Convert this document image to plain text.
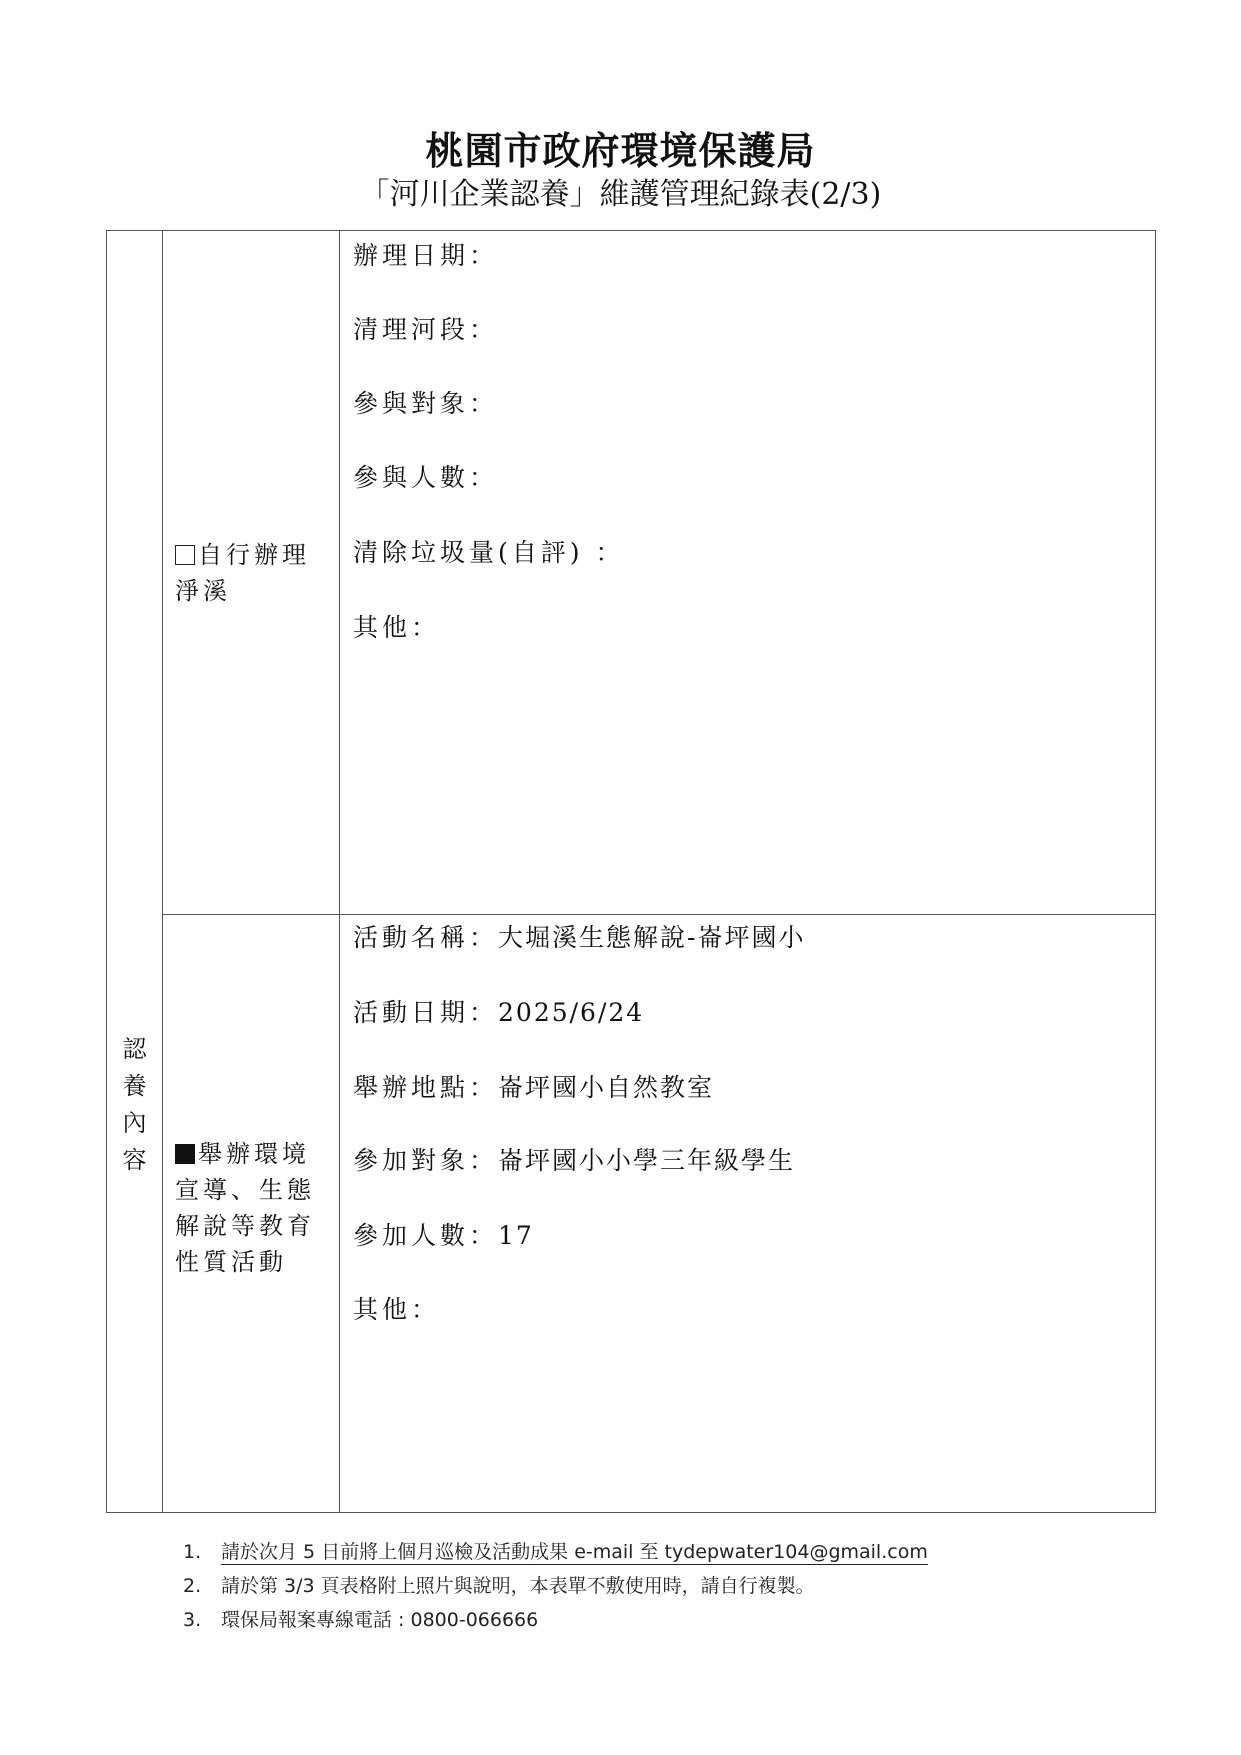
桃園市政府環境保護局
「河川企業認養」維護管理紀錄表(2/3)
認
養
內
容
自行辦理淨溪
舉辦環境宣導、生態解說等教育性質活動
辦理日期：
清理河段：
參與對象：
參與人數：
清除垃圾量(自評) ：
其他：
活動名稱：大堀溪生態解說-崙坪國小
活動日期：2025/6/24
舉辦地點：崙坪國小自然教室
參加對象：崙坪國小小學三年級學生
參加人數：17
其他：
1. 請於次月 5 日前將上個月巡檢及活動成果 e-mail 至 tydepwater104@gmail.com
2. 請於第 3/3 頁表格附上照片與說明，本表單不敷使用時，請自行複製。
3. 環保局報案專線電話 : 0800-066666
